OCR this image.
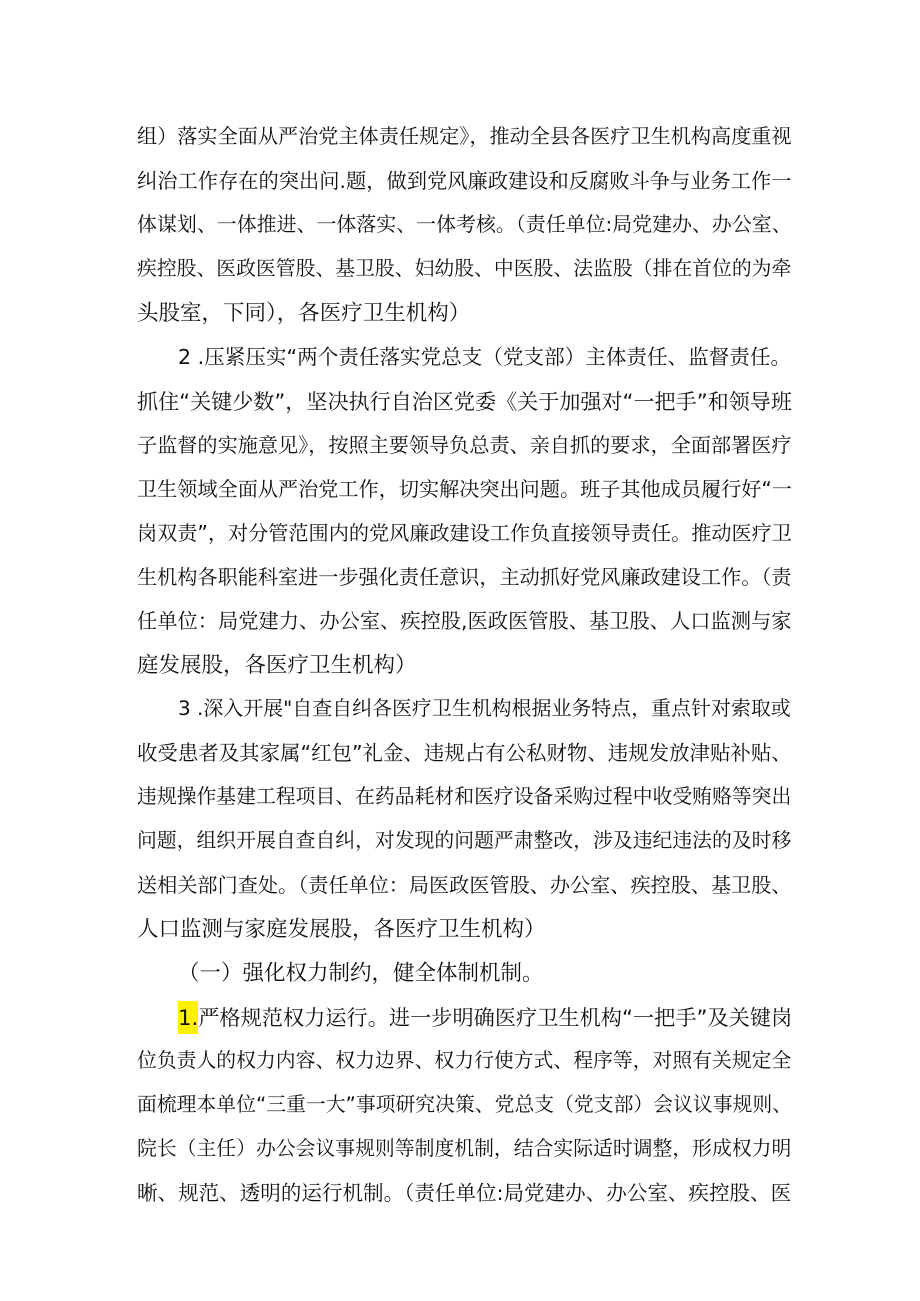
组）落实全面从严治党主体责任规定》，推动全县各医疗卫生机构高度重视
纠治工作存在的突出问.题，做到党风廉政建设和反腐败斗争与业务工作一
体谋划、一体推进、一体落实、一体考核。（责任单位:局党建办、办公室、
疾控股、医政医管股、基卫股、妇幼股、中医股、法监股（排在首位的为牵
头股室，下同），各医疗卫生机构）
2 .压紧压实“两个责任落实党总支（党支部）主体责任、监督责任。
抓住“关键少数”，坚决执行自治区党委《关于加强对“一把手”和领导班
子监督的实施意见》，按照主要领导负总责、亲自抓的要求，全面部署医疗
卫生领域全面从严治党工作，切实解决突出问题。班子其他成员履行好“一
岗双责”，对分管范围内的党风廉政建设工作负直接领导责任。推动医疗卫
生机构各职能科室进一步强化责任意识，主动抓好党风廉政建设工作。（责
任单位：局党建力、办公室、疾控股,医政医管股、基卫股、人口监测与家
庭发展股，各医疗卫生机构）
3 .深入开展"自查自纠各医疗卫生机构根据业务特点，重点针对索取或
收受患者及其家属“红包”礼金、违规占有公私财物、违规发放津贴补贴、
违规操作基建工程项目、在药品耗材和医疗设备采购过程中收受贿赂等突出
问题，组织开展自查自纠，对发现的问题严肃整改，涉及违纪违法的及时移
送相关部门查处。（责任单位：局医政医管股、办公室、疾控股、基卫股、
人口监测与家庭发展股，各医疗卫生机构）
（一）强化权力制约，健全体制机制。
1.严格规范权力运行。进一步明确医疗卫生机构“一把手”及关键岗
位负责人的权力内容、权力边界、权力行使方式、程序等，对照有关规定全
面梳理本单位“三重一大”事项研究决策、党总支（党支部）会议议事规则、
院长（主任）办公会议事规则等制度机制，结合实际适时调整，形成权力明
晰、规范、透明的运行机制。（责任单位:局党建办、办公室、疾控股、医
